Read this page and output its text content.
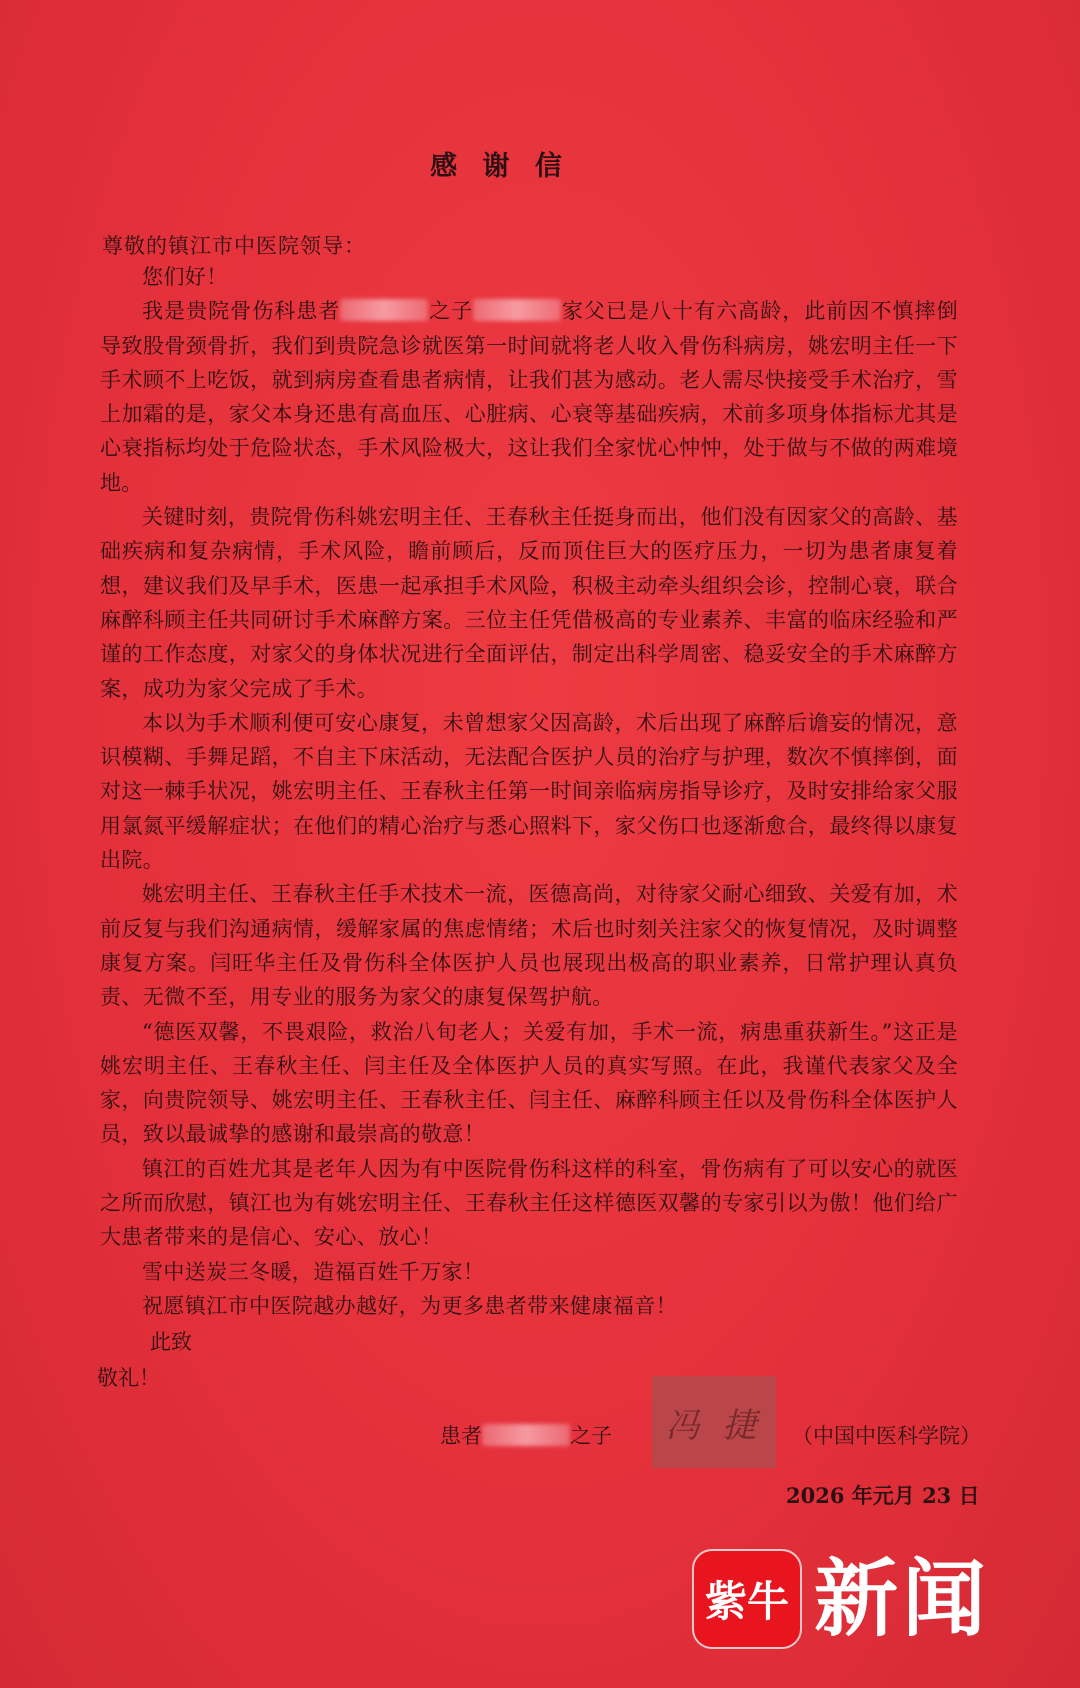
感 谢 信
尊敬的镇江市中医院领导：

您们好！

我是贵院骨伤科患者	之子	家父已是八十有六高龄，此前因不慎摔倒导致股骨颈骨折，我们到贵院急诊就医第一时间就将老人收入骨伤科病房，姚宏明主任一下手术顾不上吃饭，就到病房查看患者病情，让我们甚为感动。老人需尽快接受手术治疗，雪上加霜的是，家父本身还患有高血压、心脏病、心衰等基础疾病，术前多项身体指标尤其是心衰指标均处于危险状态，手术风险极大，这让我们全家忧心忡忡，处于做与不做的两难境地。

关键时刻，贵院骨伤科姚宏明主任、王春秋主任挺身而出，他们没有因家父的高龄、基础疾病和复杂病情，手术风险，瞻前顾后，反而顶住巨大的医疗压力，一切为患者康复着想，建议我们及早手术，医患一起承担手术风险，积极主动牵头组织会诊，控制心衰，联合麻醉科顾主任共同研讨手术麻醉方案。三位主任凭借极高的专业素养、丰富的临床经验和严谨的工作态度，对家父的身体状况进行全面评估，制定出科学周密、稳妥安全的手术麻醉方案，成功为家父完成了手术。

本以为手术顺利便可安心康复，未曾想家父因高龄，术后出现了麻醉后谵妄的情况，意识模糊、手舞足蹈，不自主下床活动，无法配合医护人员的治疗与护理，数次不慎摔倒，面对这一棘手状况，姚宏明主任、王春秋主任第一时间亲临病房指导诊疗，及时安排给家父服用氯氮平缓解症状；在他们的精心治疗与悉心照料下，家父伤口也逐渐愈合，最终得以康复出院。

姚宏明主任、王春秋主任手术技术一流，医德高尚，对待家父耐心细致、关爱有加，术前反复与我们沟通病情，缓解家属的焦虑情绪；术后也时刻关注家父的恢复情况，及时调整康复方案。闫旺华主任及骨伤科全体医护人员也展现出极高的职业素养，日常护理认真负责、无微不至，用专业的服务为家父的康复保驾护航。

“德医双馨，不畏艰险，救治八旬老人；关爱有加，手术一流，病患重获新生。”这正是姚宏明主任、王春秋主任、闫主任及全体医护人员的真实写照。在此，我谨代表家父及全家，向贵院领导、姚宏明主任、王春秋主任、闫主任、麻醉科顾主任以及骨伤科全体医护人员，致以最诚挚的感谢和最崇高的敬意！

镇江的百姓尤其是老年人因为有中医院骨伤科这样的科室，骨伤病有了可以安心的就医之所而欣慰，镇江也为有姚宏明主任、王春秋主任这样德医双馨的专家引以为傲！他们给广大患者带来的是信心、安心、放心！

雪中送炭三冬暖，造福百姓千万家！

祝愿镇江市中医院越办越好，为更多患者带来健康福音！

此致
敬礼！
患者	之子 冯 捷 （中国中医科学院）
2026 年元月 23 日
紫牛 新闻
